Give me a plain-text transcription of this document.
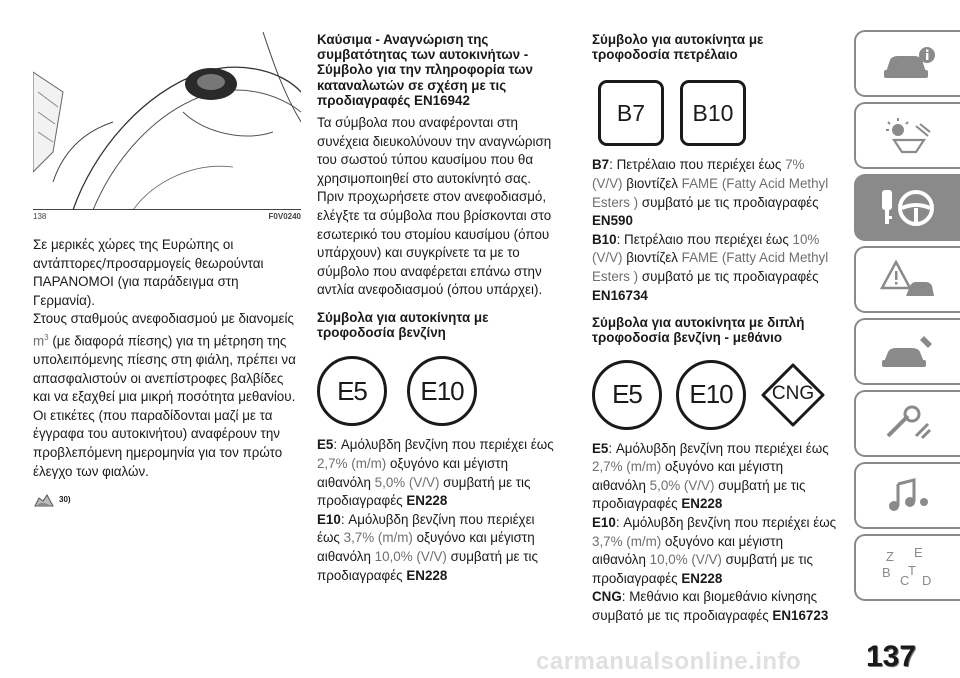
138	F0V0240

Σε μερικές χώρες της Ευρώπης οι αντάπτορες/προσαρμογείς θεωρούνται ΠΑΡΑΝΟΜΟΙ (για παράδειγμα στη Γερμανία).

Στους σταθμούς ανεφοδιασμού με διανομείς $m^3$ (με διαφορά πίεσης) για τη μέτρηση της υπολειπόμενης πίεσης στη φιάλη, πρέπει να απασφαλιστούν οι ανεπίστροφες βαλβίδες και να εξαχθεί μια μικρή ποσότητα μεθανίου. Οι ετικέτες (που παραδίδονται μαζί με τα έγγραφα του αυτοκινήτου) αναφέρουν την προβλεπόμενη ημερομηνία για τον πρώτο έλεγχο των φιαλών.

30)
Καύσιμα - Αναγνώριση της συμβατότητας των αυτοκινήτων - Σύμβολο για την πληροφορία των καταναλωτών σε σχέση με τις προδιαγραφές EN16942

Τα σύμβολα που αναφέρονται στη συνέχεια διευκολύνουν την αναγνώριση του σωστού τύπου καυσίμου που θα χρησιμοποιηθεί στο αυτοκίνητό σας. Πριν προχωρήσετε στον ανεφοδιασμό, ελέγξτε τα σύμβολα που βρίσκονται στο εσωτερικό του στομίου καυσίμου (όπου υπάρχουν) και συγκρίνετε τα με το σύμβολο που αναφέρεται επάνω στην αντλία ανεφοδιασμού (όπου υπάρχει).

Σύμβολα για αυτοκίνητα με τροφοδοσία βενζίνη
E5	E10

E5: Αμόλυβδη βενζίνη που περιέχει έως 2,7% (m/m) οξυγόνο και μέγιστη αιθανόλη 5,0% (V/V) συμβατή με τις προδιαγραφές EN228

E10: Αμόλυβδη βενζίνη που περιέχει έως 3,7% (m/m) οξυγόνο και μέγιστη αιθανόλη 10,0% (V/V) συμβατή με τις προδιαγραφές EN228

Σύμβολο για αυτοκίνητα με τροφοδοσία πετρέλαιο
B7	B10

B7: Πετρέλαιο που περιέχει έως 7% (V/V) βιοντίζελ FAME (Fatty Acid Methyl Esters ) συμβατό με τις προδιαγραφές EN590

B10: Πετρέλαιο που περιέχει έως 10% (V/V) βιοντίζελ FAME (Fatty Acid Methyl Esters ) συμβατό με τις προδιαγραφές EN16734

Σύμβολα για αυτοκίνητα με διπλή τροφοδοσία βενζίνη - μεθάνιο
E5	E10	CNG

E5: Αμόλυβδη βενζίνη που περιέχει έως 2,7% (m/m) οξυγόνο και μέγιστη αιθανόλη 5,0% (V/V) συμβατή με τις προδιαγραφές EN228

E10: Αμόλυβδη βενζίνη που περιέχει έως 3,7% (m/m) οξυγόνο και μέγιστη αιθανόλη 10,0% (V/V) συμβατή με τις προδιαγραφές EN228

CNG: Μεθάνιο και βιομεθάνιο κίνησης συμβατό με τις προδιαγραφές EN16723

Z E
B
C
T
D
carmanualsonline.info 137
